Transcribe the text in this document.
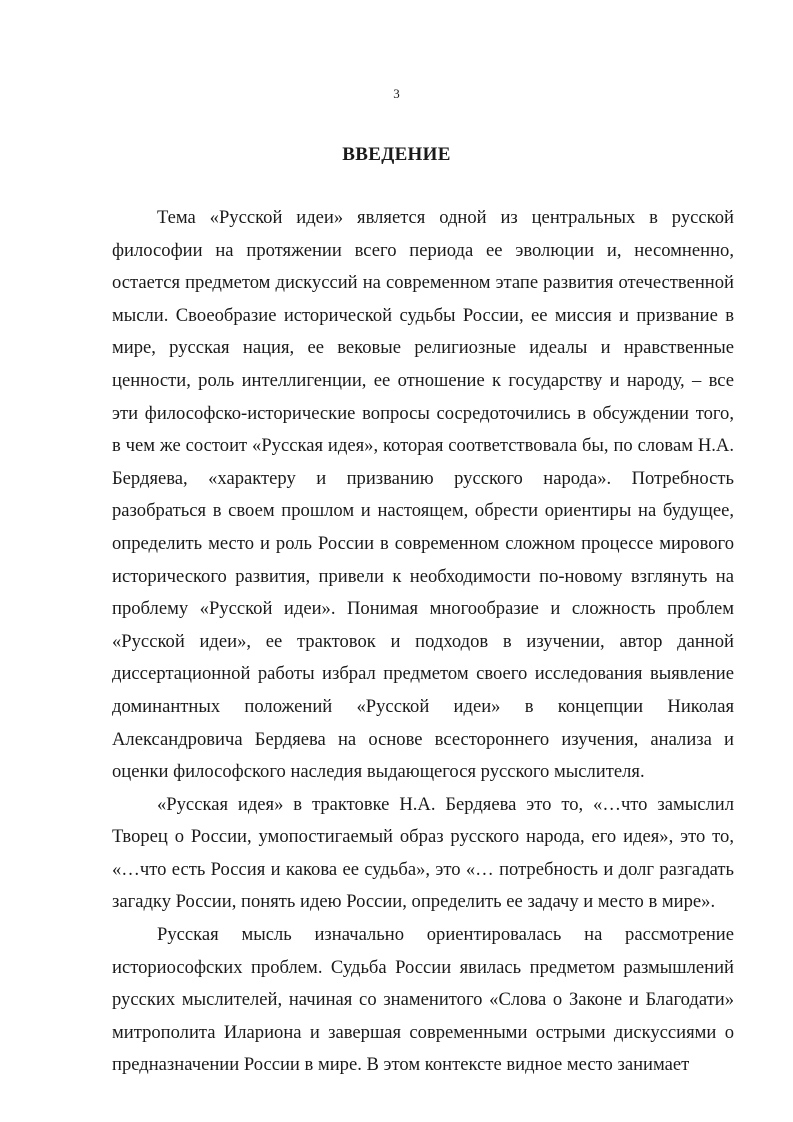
3
ВВЕДЕНИЕ

Тема «Русской идеи» является одной из центральных в русской философии на протяжении всего периода ее эволюции и, несомненно, остается предметом дискуссий на современном этапе развития отечественной мысли. Своеобразие исторической судьбы России, ее миссия и призвание в мире, русская нация, ее вековые религиозные идеалы и нравственные ценности, роль интеллигенции, ее отношение к государству и народу, – все эти философско-исторические вопросы сосредоточились в обсуждении того, в чем же состоит «Русская идея», которая соответствовала бы, по словам Н.А. Бердяева, «характеру и призванию русского народа». Потребность разобраться в своем прошлом и настоящем, обрести ориентиры на будущее, определить место и роль России в современном сложном процессе мирового исторического развития, привели к необходимости по-новому взглянуть на проблему «Русской идеи». Понимая многообразие и сложность проблем «Русской идеи», ее трактовок и подходов в изучении, автор данной диссертационной работы избрал предметом своего исследования выявление доминантных положений «Русской идеи» в концепции Николая Александровича Бердяева на основе всестороннего изучения, анализа и оценки философского наследия выдающегося русского мыслителя.

«Русская идея» в трактовке Н.А. Бердяева это то, «…что замыслил Творец о России, умопостигаемый образ русского народа, его идея», это то, «…что есть Россия и какова ее судьба», это «… потребность и долг разгадать загадку России, понять идею России, определить ее задачу и место в мире».

Русская мысль изначально ориентировалась на рассмотрение историософских проблем. Судьба России явилась предметом размышлений русских мыслителей, начиная со знаменитого «Слова о Законе и Благодати» митрополита Илариона и завершая современными острыми дискуссиями о предназначении России в мире. В этом контексте видное место занимает
